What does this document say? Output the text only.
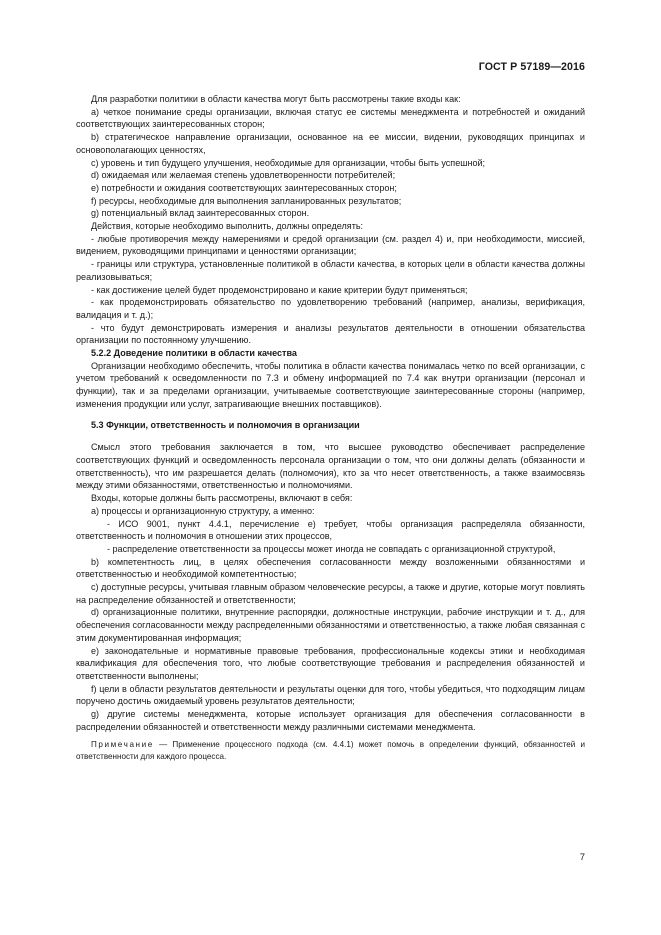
ГОСТ Р 57189—2016

Для разработки политики в области качества могут быть рассмотрены такие входы как:

а) четкое понимание среды организации, включая статус ее системы менеджмента и потребностей и ожиданий соответствующих заинтересованных сторон;

b) стратегическое направление организации, основанное на ее миссии, видении, руководящих принципах и основополагающих ценностях,

с) уровень и тип будущего улучшения, необходимые для организации, чтобы быть успешной;

d) ожидаемая или желаемая степень удовлетворенности потребителей;

e) потребности и ожидания соответствующих заинтересованных сторон;

f) ресурсы, необходимые для выполнения запланированных результатов;

g) потенциальный вклад заинтересованных сторон.

Действия, которые необходимо выполнить, должны определять:

- любые противоречия между намерениями и средой организации (см. раздел 4) и, при необходимости, миссией, видением, руководящими принципами и ценностями организации;

- границы или структура, установленные политикой в области качества, в которых цели в области качества должны реализовываться;

- как достижение целей будет продемонстрировано и какие критерии будут применяться;

- как продемонстрировать обязательство по удовлетворению требований (например, анализы, верификация, валидация и т. д.);

- что будут демонстрировать измерения и анализы результатов деятельности в отношении обязательства организации по постоянному улучшению.

5.2.2 Доведение политики в области качества

Организации необходимо обеспечить, чтобы политика в области качества понималась четко по всей организации, с учетом требований к осведомленности по 7.3 и обмену информацией по 7.4 как внутри организации (персонал и функции), так и за пределами организации, учитываемые соответствующие заинтересованные стороны (например, изменения продукции или услуг, затрагивающие внешних поставщиков).

5.3 Функции, ответственность и полномочия в организации

Смысл этого требования заключается в том, что высшее руководство обеспечивает распределение соответствующих функций и осведомленность персонала организации о том, что они должны делать (обязанности и ответственность), что им разрешается делать (полномочия), кто за что несет ответственность, а также взаимосвязь между этими обязанностями, ответственностью и полномочиями.

Входы, которые должны быть рассмотрены, включают в себя:

а) процессы и организационную структуру, а именно:

- ИСО 9001, пункт 4.4.1, перечисление е) требует, чтобы организация распределяла обязанности, ответственность и полномочия в отношении этих процессов,

- распределение ответственности за процессы может иногда не совпадать с организационной структурой,

b) компетентность лиц, в целях обеспечения согласованности между возложенными обязанностями и ответственностью и необходимой компетентностью;

с) доступные ресурсы, учитывая главным образом человеческие ресурсы, а также и другие, которые могут повлиять на распределение обязанностей и ответственности;

d) организационные политики, внутренние распорядки, должностные инструкции, рабочие инструкции и т. д., для обеспечения согласованности между распределенными обязанностями и ответственностью, а также любая связанная с этим документированная информация;

е) законодательные и нормативные правовые требования, профессиональные кодексы этики и необходимая квалификация для обеспечения того, что любые соответствующие требования и распределения обязанностей и ответственности выполнены;

f) цели в области результатов деятельности и результаты оценки для того, чтобы убедиться, что подходящим лицам поручено достичь ожидаемый уровень результатов деятельности;

g) другие системы менеджмента, которые использует организация для обеспечения согласованности в распределении обязанностей и ответственности между различными системами менеджмента.

Примечание — Применение процессного подхода (см. 4.4.1) может помочь в определении функций, обязанностей и ответственности для каждого процесса.
7
